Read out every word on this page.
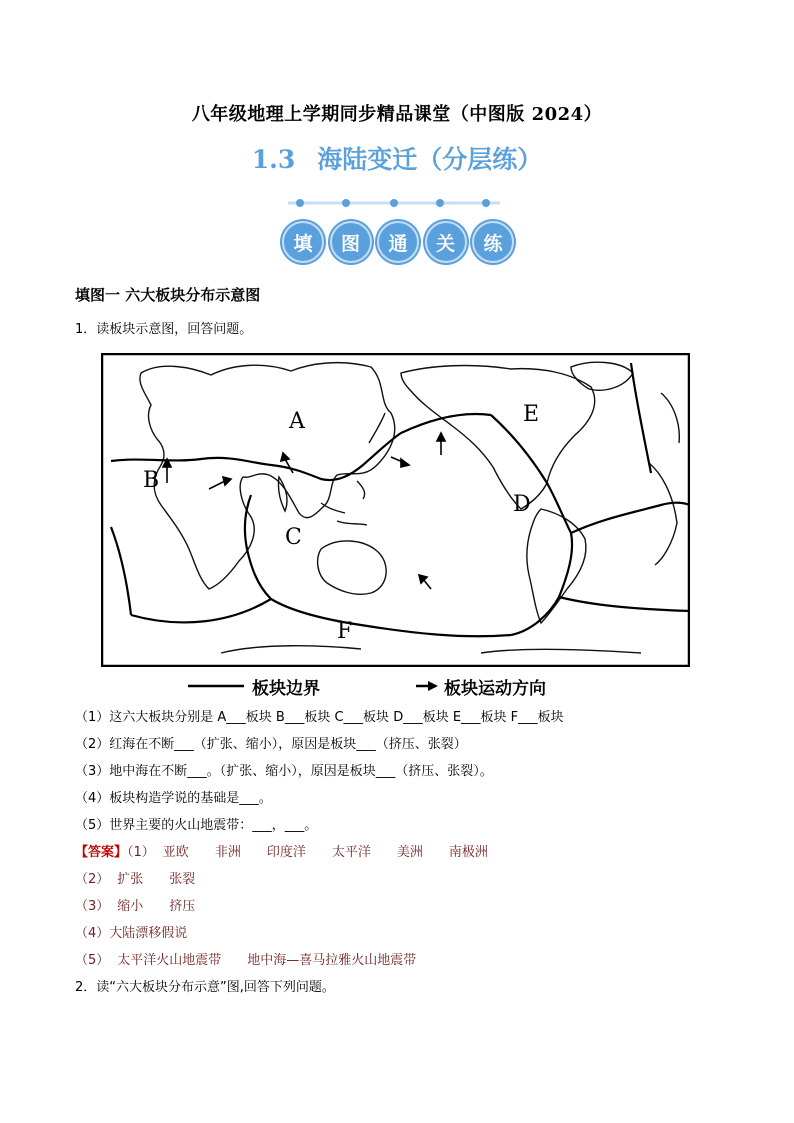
八年级地理上学期同步精品课堂（中图版 2024）
1.3 海陆变迁（分层练）
填	图	通	关	练
填图一 六大板块分布示意图
1．读板块示意图，回答问题。
A
B
C
D
E
F
板块边界	板块运动方向
（1）这六大板块分别是 A___板块 B___板块 C___板块 D___板块 E___板块 F___板块
（2）红海在不断___（扩张、缩小），原因是板块___（挤压、张裂）
（3）地中海在不断___。（扩张、缩小），原因是板块___（挤压、张裂）。
（4）板块构造学说的基础是___。
（5）世界主要的火山地震带：___，___。
【答案】（1） 亚欧 非洲 印度洋 太平洋 美洲 南极洲
（2） 扩张 张裂
（3） 缩小 挤压
（4）大陆漂移假说
（5） 太平洋火山地震带 地中海—喜马拉雅火山地震带
2．读“六大板块分布示意”图,回答下列问题。
